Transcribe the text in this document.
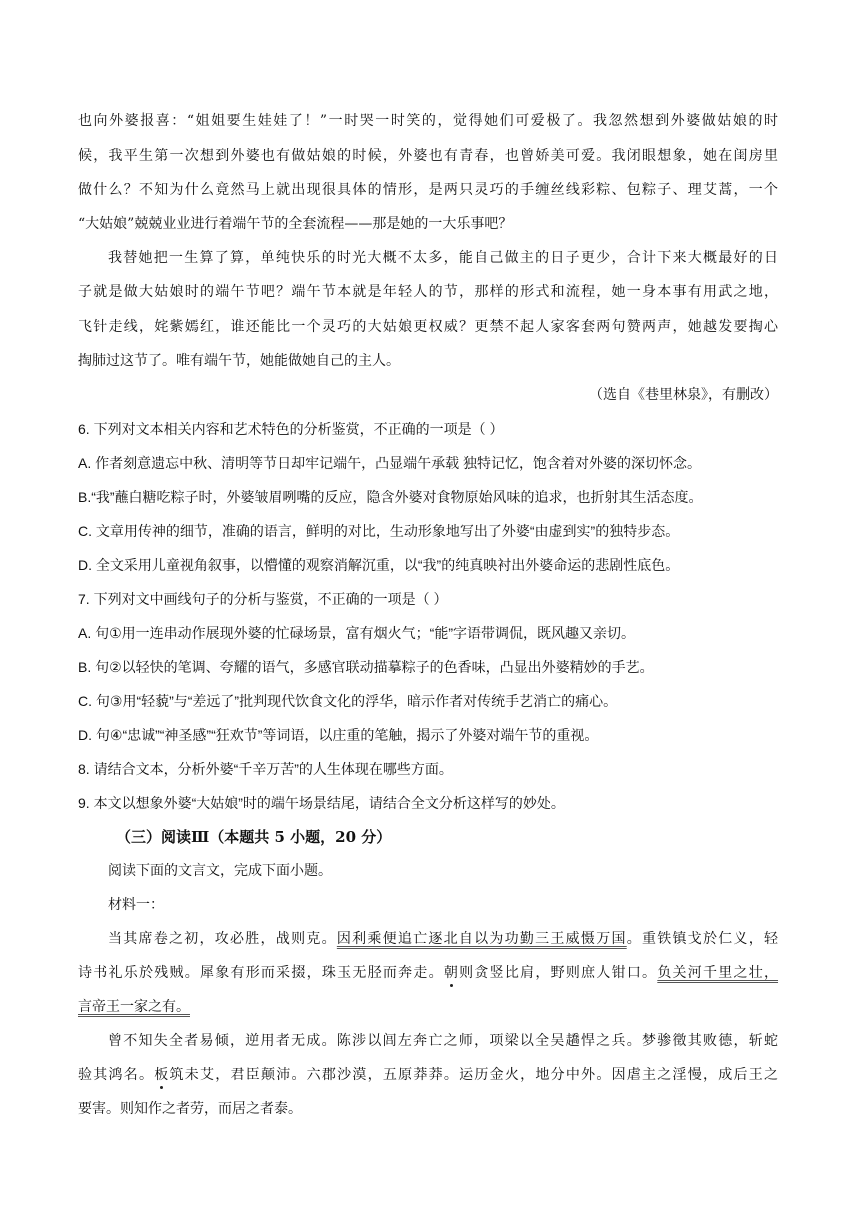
也向外婆报喜：“姐姐要生娃娃了！”一时哭一时笑的，觉得她们可爱极了。我忽然想到外婆做姑娘的时
候，我平生第一次想到外婆也有做姑娘的时候，外婆也有青春，也曾娇美可爱。我闭眼想象，她在闺房里
做什么？不知为什么竟然马上就出现很具体的情形，是两只灵巧的手缠丝线彩粽、包粽子、理艾蒿，一个
“大姑娘”兢兢业业进行着端午节的全套流程——那是她的一大乐事吧？
我替她把一生算了算，单纯快乐的时光大概不太多，能自己做主的日子更少，合计下来大概最好的日
子就是做大姑娘时的端午节吧？端午节本就是年轻人的节，那样的形式和流程，她一身本事有用武之地，
飞针走线，姹紫嫣红，谁还能比一个灵巧的大姑娘更权威？更禁不起人家客套两句赞两声，她越发要掏心
掏肺过这节了。唯有端午节，她能做她自己的主人。
（选自《巷里林泉》，有删改）
6. 下列对文本相关内容和艺术特色的分析鉴赏，不正确的一项是（ ）
A. 作者刻意遗忘中秋、清明等节日却牢记端午，凸显端午承载 独特记忆，饱含着对外婆的深切怀念。
B.“我”蘸白糖吃粽子时，外婆皱眉咧嘴的反应，隐含外婆对食物原始风味的追求，也折射其生活态度。
C. 文章用传神的细节，准确的语言，鲜明的对比，生动形象地写出了外婆“由虚到实”的独特步态。
D. 全文采用儿童视角叙事，以懵懂的观察消解沉重，以“我”的纯真映衬出外婆命运的悲剧性底色。
7. 下列对文中画线句子的分析与鉴赏，不正确的一项是（ ）
A. 句①用一连串动作展现外婆的忙碌场景，富有烟火气；“能”字语带调侃，既风趣又亲切。
B. 句②以轻快的笔调、夸耀的语气，多感官联动描摹粽子的色香味，凸显出外婆精妙的手艺。
C. 句③用“轻藐”与“差远了”批判现代饮食文化的浮华，暗示作者对传统手艺消亡的痛心。
D. 句④“忠诚”“神圣感”“狂欢节”等词语，以庄重的笔触，揭示了外婆对端午节的重视。
8. 请结合文本，分析外婆“千辛万苦”的人生体现在哪些方面。
9. 本文以想象外婆“大姑娘”时的端午场景结尾，请结合全文分析这样写的妙处。
（三）阅读Ⅲ（本题共 5 小题，20 分）
阅读下面的文言文，完成下面小题。
材料一：
当其席卷之初，攻必胜，战则克。因利乘便追亡逐北自以为功勤三王威慑万国。重铁镇戈於仁义，轻
诗书礼乐於残贼。犀象有形而采掇，珠玉无胫而奔走。朝则贪竖比肩，野则庶人钳口。负关河千里之壮，
言帝王一家之有。
曾不知失全者易倾，逆用者无成。陈涉以闾左奔亡之师，项梁以全吴趫悍之兵。梦骖徵其败德，斩蛇
验其鸿名。板筑未艾，君臣颠沛。六郡沙漠，五原莽莽。运历金火，地分中外。因虐主之淫慢，成后王之
要害。则知作之者劳，而居之者泰。
